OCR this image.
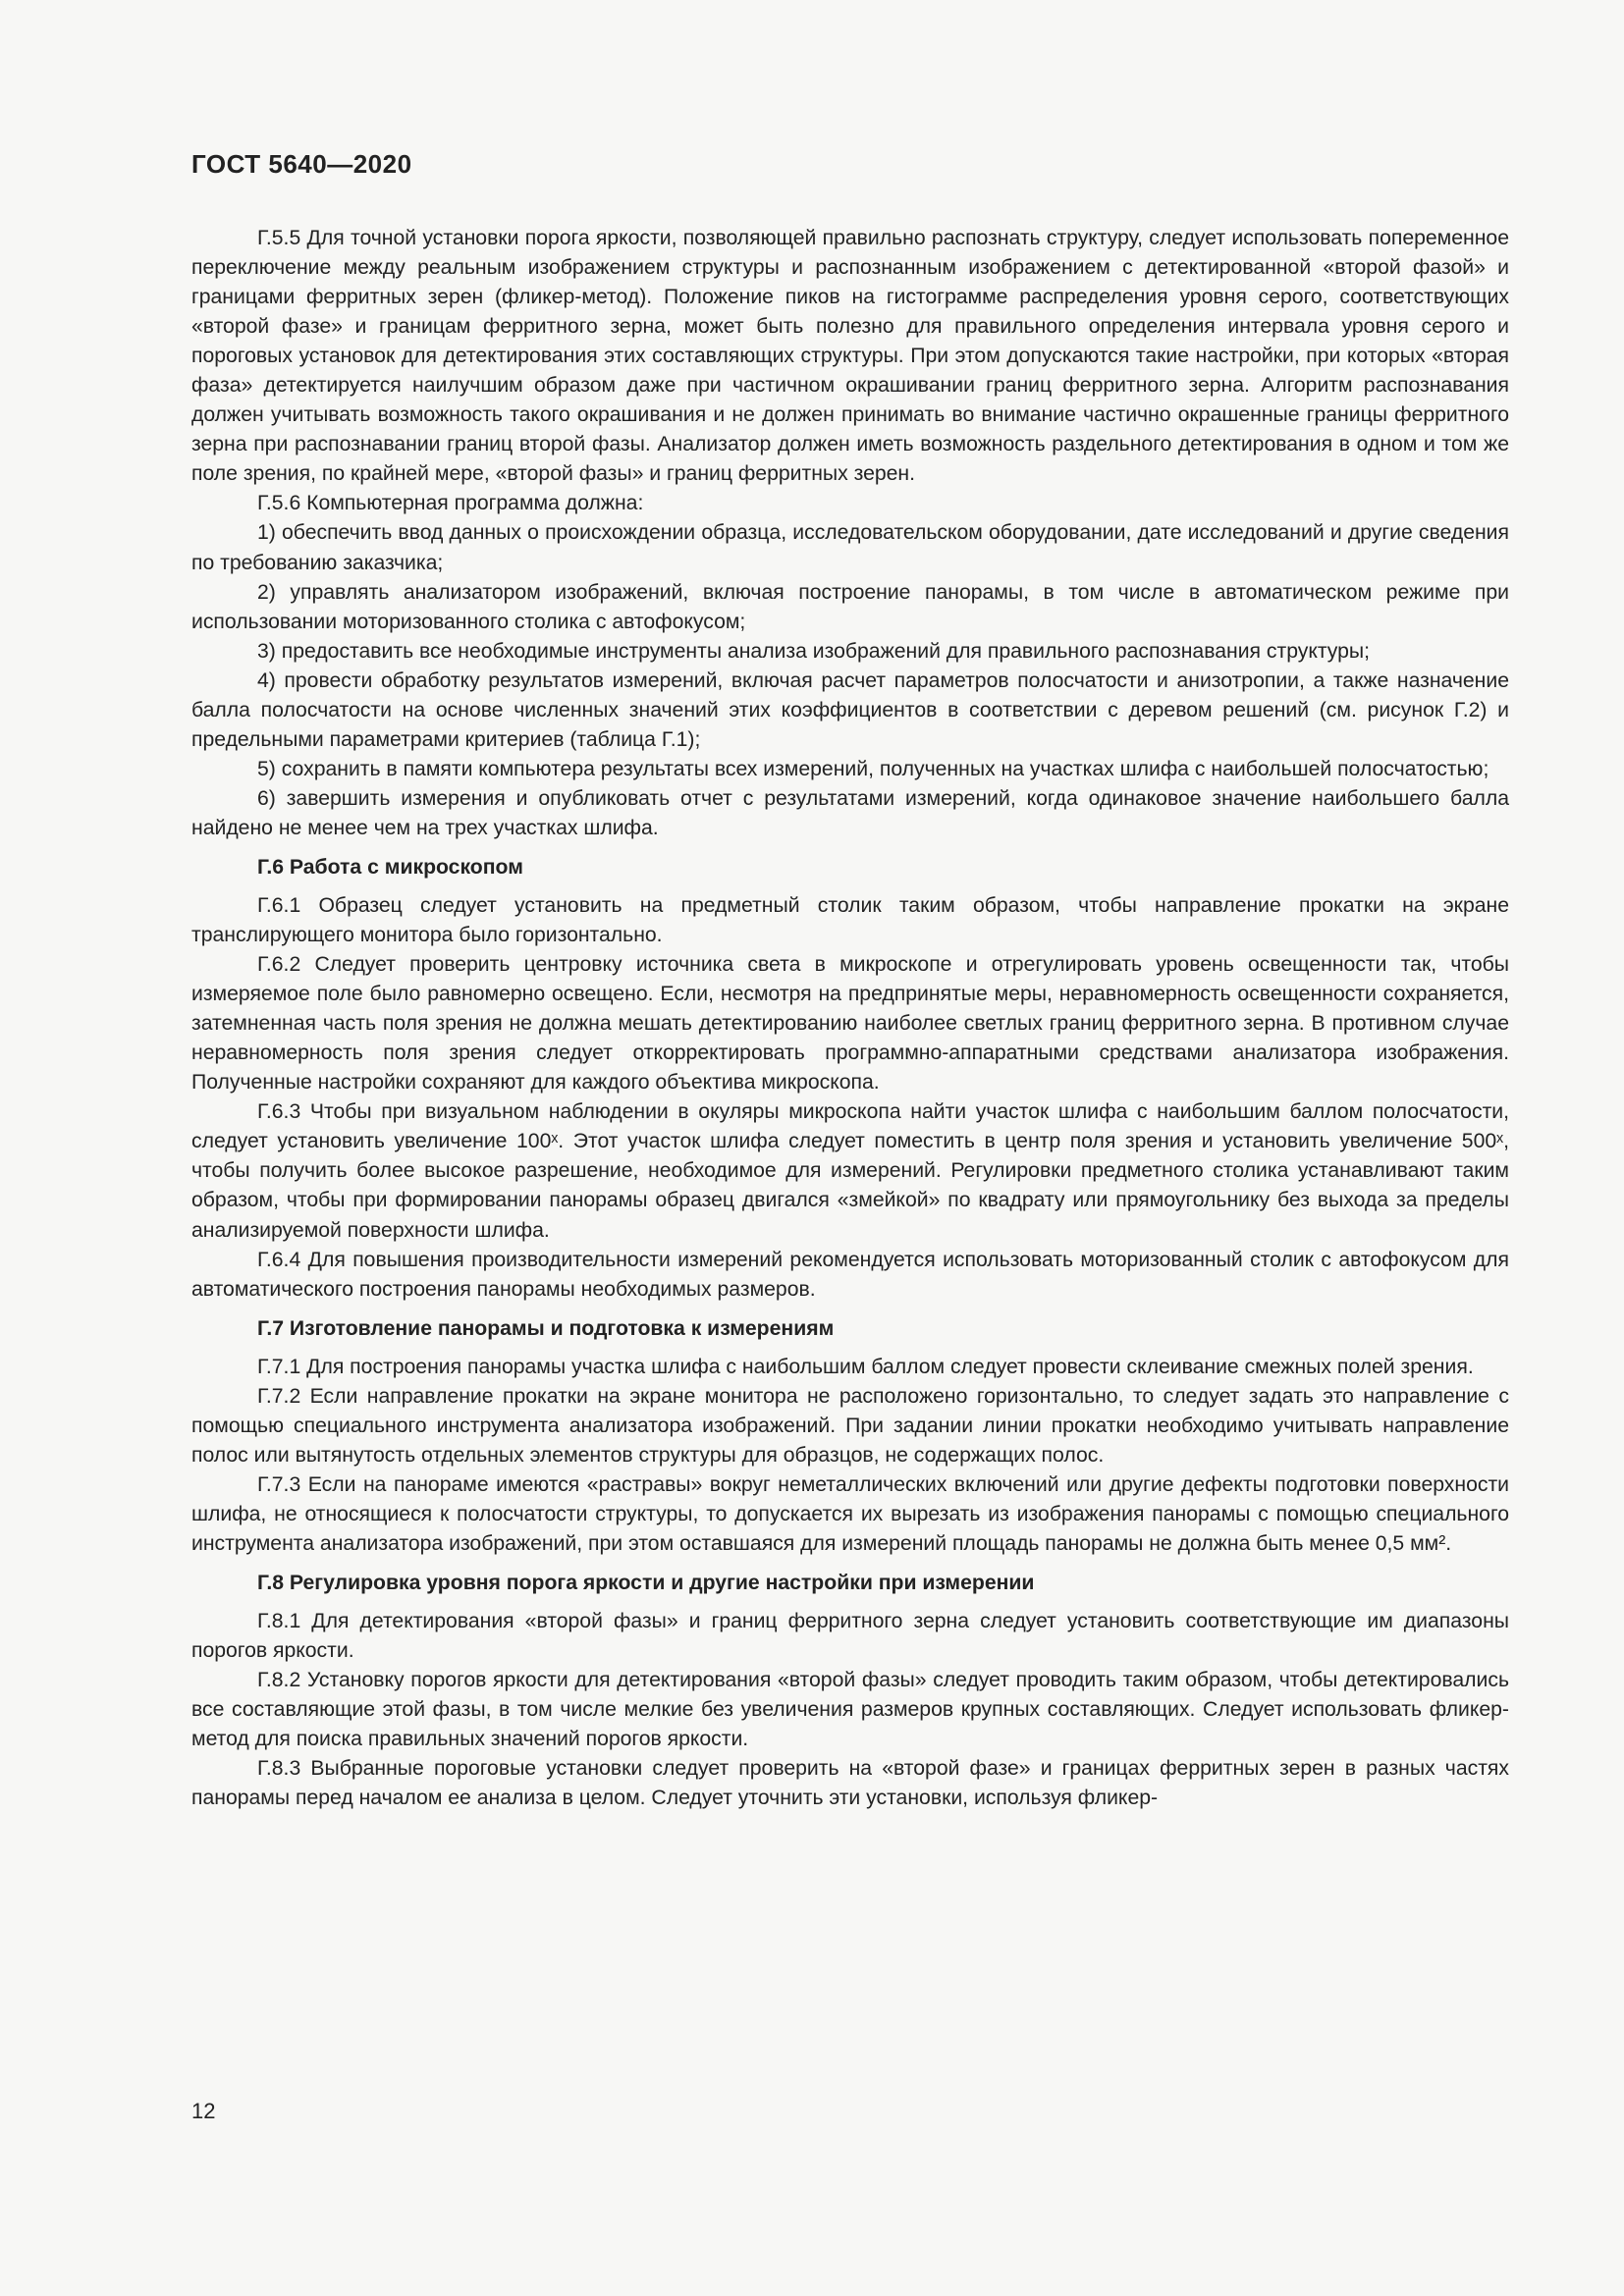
ГОСТ 5640—2020

Г.5.5 Для точной установки порога яркости, позволяющей правильно распознать структуру, следует использовать попеременное переключение между реальным изображением структуры и распознанным изображением с детектированной «второй фазой» и границами ферритных зерен (фликер-метод). Положение пиков на гистограмме распределения уровня серого, соответствующих «второй фазе» и границам ферритного зерна, может быть полезно для правильного определения интервала уровня серого и пороговых установок для детектирования этих составляющих структуры. При этом допускаются такие настройки, при которых «вторая фаза» детектируется наилучшим образом даже при частичном окрашивании границ ферритного зерна. Алгоритм распознавания должен учитывать возможность такого окрашивания и не должен принимать во внимание частично окрашенные границы ферритного зерна при распознавании границ второй фазы. Анализатор должен иметь возможность раздельного детектирования в одном и том же поле зрения, по крайней мере, «второй фазы» и границ ферритных зерен.

Г.5.6 Компьютерная программа должна:

1) обеспечить ввод данных о происхождении образца, исследовательском оборудовании, дате исследований и другие сведения по требованию заказчика;

2) управлять анализатором изображений, включая построение панорамы, в том числе в автоматическом режиме при использовании моторизованного столика с автофокусом;

3) предоставить все необходимые инструменты анализа изображений для правильного распознавания структуры;

4) провести обработку результатов измерений, включая расчет параметров полосчатости и анизотропии, а также назначение балла полосчатости на основе численных значений этих коэффициентов в соответствии с деревом решений (см. рисунок Г.2) и предельными параметрами критериев (таблица Г.1);

5) сохранить в памяти компьютера результаты всех измерений, полученных на участках шлифа с наибольшей полосчатостью;

6) завершить измерения и опубликовать отчет с результатами измерений, когда одинаковое значение наибольшего балла найдено не менее чем на трех участках шлифа.

Г.6 Работа с микроскопом

Г.6.1 Образец следует установить на предметный столик таким образом, чтобы направление прокатки на экране транслирующего монитора было горизонтально.

Г.6.2 Следует проверить центровку источника света в микроскопе и отрегулировать уровень освещенности так, чтобы измеряемое поле было равномерно освещено. Если, несмотря на предпринятые меры, неравномерность освещенности сохраняется, затемненная часть поля зрения не должна мешать детектированию наиболее светлых границ ферритного зерна. В противном случае неравномерность поля зрения следует откорректировать программно-аппаратными средствами анализатора изображения. Полученные настройки сохраняют для каждого объектива микроскопа.

Г.6.3 Чтобы при визуальном наблюдении в окуляры микроскопа найти участок шлифа с наибольшим баллом полосчатости, следует установить увеличение 100ˣ. Этот участок шлифа следует поместить в центр поля зрения и установить увеличение 500ˣ, чтобы получить более высокое разрешение, необходимое для измерений. Регулировки предметного столика устанавливают таким образом, чтобы при формировании панорамы образец двигался «змейкой» по квадрату или прямоугольнику без выхода за пределы анализируемой поверхности шлифа.

Г.6.4 Для повышения производительности измерений рекомендуется использовать моторизованный столик с автофокусом для автоматического построения панорамы необходимых размеров.

Г.7 Изготовление панорамы и подготовка к измерениям

Г.7.1 Для построения панорамы участка шлифа с наибольшим баллом следует провести склеивание смежных полей зрения.

Г.7.2 Если направление прокатки на экране монитора не расположено горизонтально, то следует задать это направление с помощью специального инструмента анализатора изображений. При задании линии прокатки необходимо учитывать направление полос или вытянутость отдельных элементов структуры для образцов, не содержащих полос.

Г.7.3 Если на панораме имеются «раcтравы» вокруг неметаллических включений или другие дефекты подготовки поверхности шлифа, не относящиеся к полосчатости структуры, то допускается их вырезать из изображения панорамы с помощью специального инструмента анализатора изображений, при этом оставшаяся для измерений площадь панорамы не должна быть менее 0,5 мм².

Г.8 Регулировка уровня порога яркости и другие настройки при измерении

Г.8.1 Для детектирования «второй фазы» и границ ферритного зерна следует установить соответствующие им диапазоны порогов яркости.

Г.8.2 Установку порогов яркости для детектирования «второй фазы» следует проводить таким образом, чтобы детектировались все составляющие этой фазы, в том числе мелкие без увеличения размеров крупных составляющих. Следует использовать фликер-метод для поиска правильных значений порогов яркости.

Г.8.3 Выбранные пороговые установки следует проверить на «второй фазе» и границах ферритных зерен в разных частях панорамы перед началом ее анализа в целом. Следует уточнить эти установки, используя фликер-

12
